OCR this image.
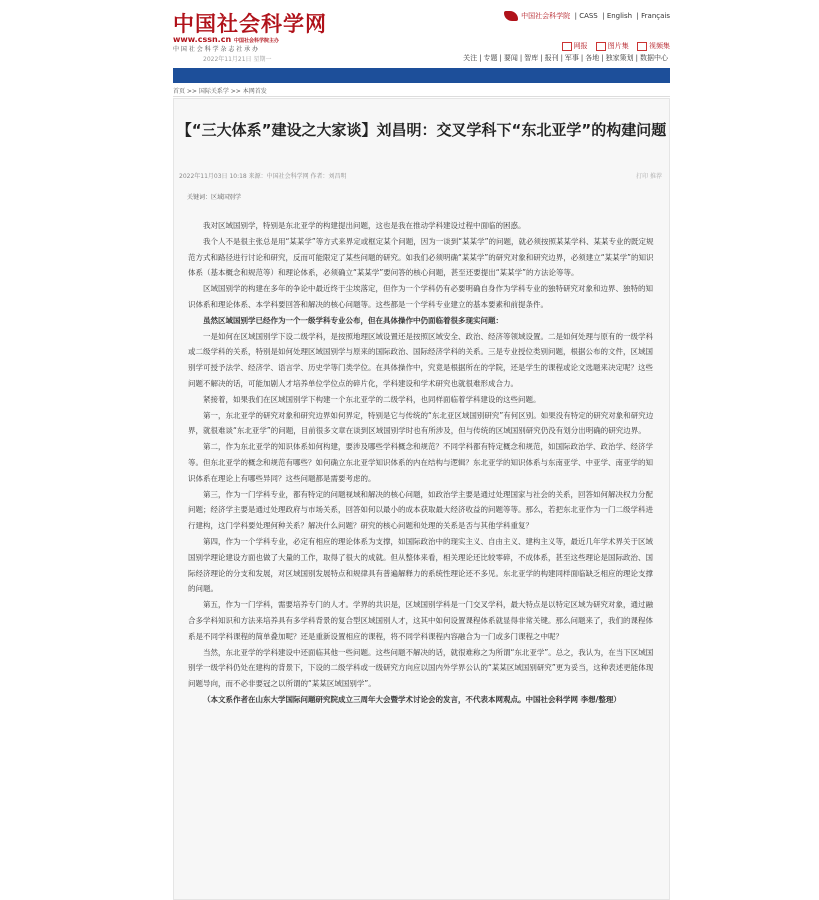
中国社会科学网
www.cssn.cn 中国社会科学院主办
中 国 社 会 科 学 杂 志 社 承 办
2022年11月21日 星期一
中国社会科学院  | CASS  | English  | Français
网报	图片集	视频集
关注 | 专题 | 要闻 | 智库 | 报刊 | 军事 | 各地 | 独家策划 | 数据中心
首页 >> 国际关系学 >> 本网首发
【“三大体系”建设之大家谈】刘昌明：交叉学科下“东北亚学”的构建问题
2022年11月03日 10:18 来源：中国社会科学网 作者：刘昌明	打印 推荐
关键词：区域国别学

我对区域国别学，特别是东北亚学的构建提出问题，这也是我在推动学科建设过程中面临的困惑。

我个人不是很主张总是用“某某学”等方式来界定或框定某个问题，因为一谈到“某某学”的问题，就必须按照某某学科、某某专业的既定规范方式和路径进行讨论和研究，反而可能限定了某些问题的研究。如我们必须明确“某某学”的研究对象和研究边界，必须建立“某某学”的知识体系（基本概念和规范等）和理论体系，必须确立“某某学”要问答的核心问题，甚至还要提出“某某学”的方法论等等。

区域国别学的构建在多年的争论中最近终于尘埃落定，但作为一个学科仍有必要明确自身作为学科专业的独特研究对象和边界、独特的知识体系和理论体系、本学科要回答和解决的核心问题等。这些都是一个学科专业建立的基本要素和前提条件。

虽然区域国别学已经作为一个一级学科专业公布，但在具体操作中仍面临着很多现实问题：

一是如何在区域国别学下设二级学科，是按照地理区域设置还是按照区域安全、政治、经济等领域设置。二是如何处理与原有的一级学科或二级学科的关系，特别是如何处理区域国别学与原来的国际政治、国际经济学科的关系。三是专业授位类别问题，根据公布的文件，区域国别学可授予法学、经济学、语言学、历史学等门类学位。在具体操作中，究竟是根据所在的学院，还是学生的课程或论文选题来决定呢？这些问题不解决的话，可能加剧人才培养单位学位点的碎片化，学科建设和学术研究也就很难形成合力。

紧接着，如果我们在区域国别学下构建一个东北亚学的二级学科，也同样面临着学科建设的这些问题。

第一，东北亚学的研究对象和研究边界如何界定，特别是它与传统的“东北亚区域国别研究”有何区别。如果没有特定的研究对象和研究边界，就很难谈“东北亚学”的问题，目前很多文章在谈到区域国别学时也有所涉及，但与传统的区域国别研究仍没有划分出明确的研究边界。

第二，作为东北亚学的知识体系如何构建，要涉及哪些学科概念和规范？不同学科都有特定概念和规范，如国际政治学、政治学、经济学等。但东北亚学的概念和规范有哪些？如何确立东北亚学知识体系的内在结构与逻辑？东北亚学的知识体系与东南亚学、中亚学、南亚学的知识体系在理论上有哪些异同？这些问题都是需要考虑的。

第三，作为一门学科专业，都有特定的问题视域和解决的核心问题，如政治学主要是通过处理国家与社会的关系，回答如何解决权力分配问题；经济学主要是通过处理政府与市场关系，回答如何以最小的成本获取最大经济收益的问题等等。那么，若把东北亚作为一门二级学科进行建构，这门学科要处理何种关系？解决什么问题？研究的核心问题和处理的关系是否与其他学科重复？

第四，作为一个学科专业，必定有相应的理论体系为支撑，如国际政治中的现实主义、自由主义、建构主义等，最近几年学术界关于区域国别学理论建设方面也做了大量的工作，取得了很大的成就。但从整体来看，相关理论还比较零碎，不成体系，甚至这些理论是国际政治、国际经济理论的分支和发展，对区域国别发展特点和规律具有普遍解释力的系统性理论还不多见。东北亚学的构建同样面临缺乏相应的理论支撑的问题。

第五，作为一门学科，需要培养专门的人才。学界的共识是，区域国别学科是一门交叉学科，最大特点是以特定区域为研究对象，通过融合多学科知识和方法来培养具有多学科背景的复合型区域国别人才，这其中如何设置课程体系就显得非常关键。那么问题来了，我们的课程体系是不同学科课程的简单叠加呢？还是重新设置相应的课程，将不同学科课程内容融合为一门或多门课程之中呢？

当然，东北亚学的学科建设中还面临其他一些问题。这些问题不解决的话，就很难称之为所谓“东北亚学”。总之，我认为，在当下区域国别学一级学科仍处在建构的背景下，下设的二级学科或一级研究方向应以国内外学界公认的“某某区域国别研究”更为妥当，这种表述更能体现问题导向，而不必非要冠之以所谓的“某某区域国别学”。

（本文系作者在山东大学国际问题研究院成立三周年大会暨学术讨论会的发言，不代表本网观点。中国社会科学网 李想/整理）
